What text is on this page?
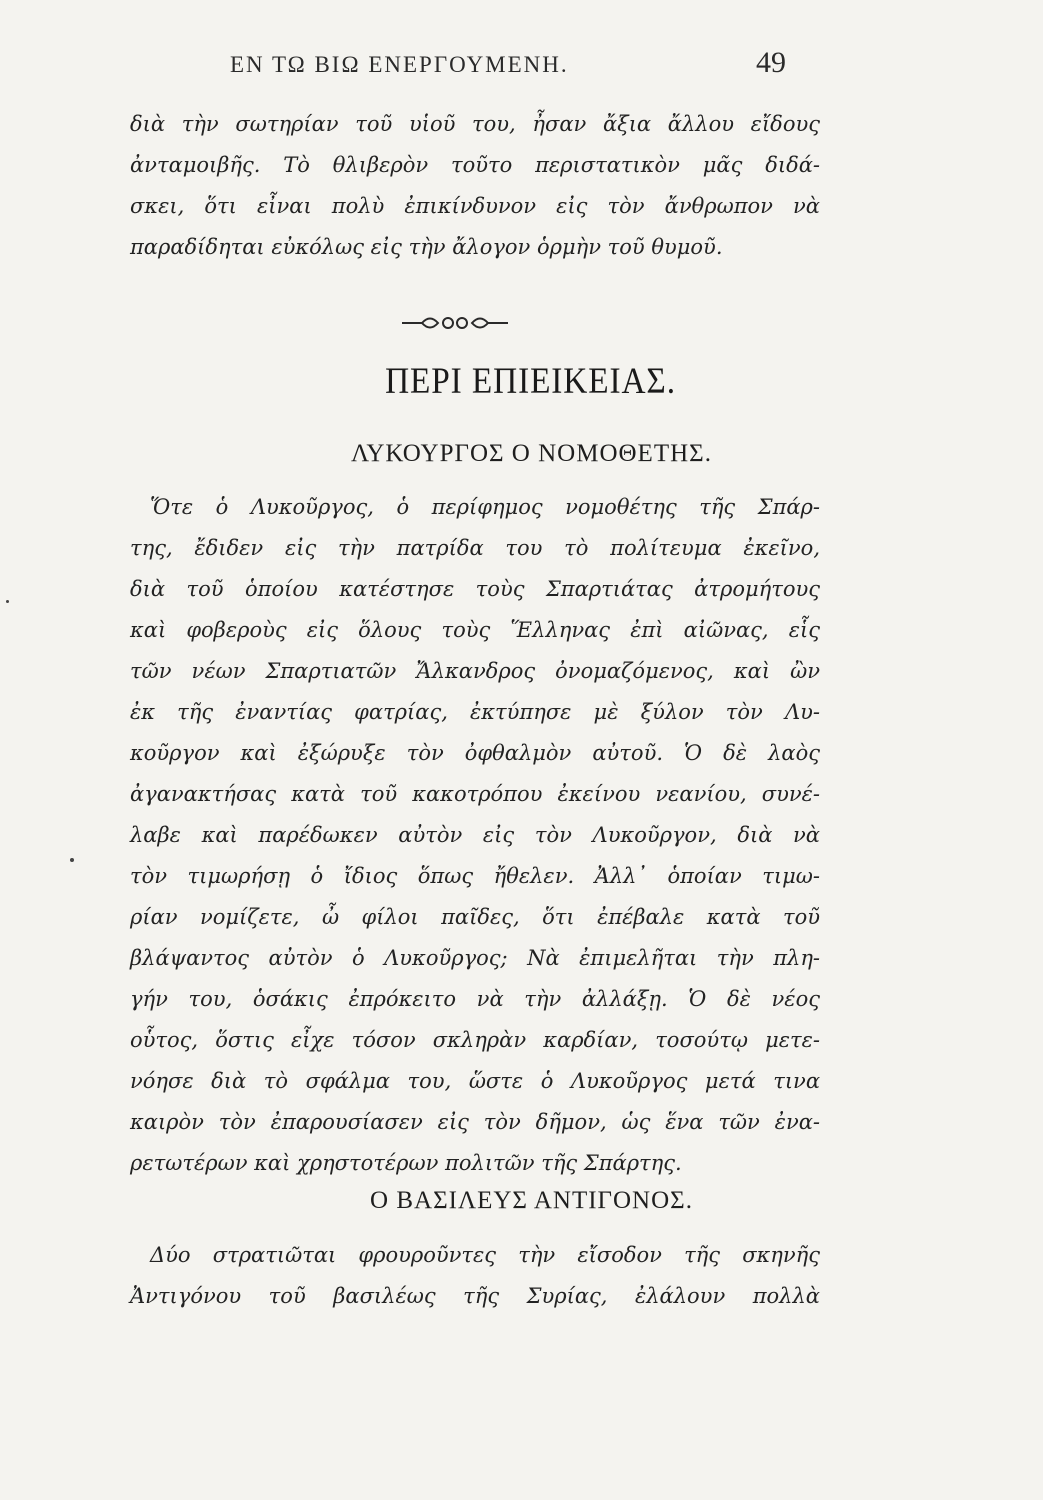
ΕΝ ΤΩ ΒΙΩ ΕΝΕΡΓΟΥΜΕΝΗ.	49
διὰ τὴν σωτηρίαν τοῦ υἱοῦ του, ἦσαν ἄξια ἄλλου εἴδους
ἀνταμοιβῆς. Τὸ θλιβερὸν τοῦτο περιστατικὸν μᾶς διδά-
σκει, ὅτι εἶναι πολὺ ἐπικίνδυνον εἰς τὸν ἄνθρωπον νὰ
παραδίδηται εὐκόλως εἰς τὴν ἄλογον ὁρμὴν τοῦ θυμοῦ.
ΠΕΡΙ ΕΠΙΕΙΚΕΙΑΣ.
ΛΥΚΟΥΡΓΟΣ Ο ΝΟΜΟΘΕΤΗΣ.
Ὅτε ὁ Λυκοῦργος, ὁ περίφημος νομοθέτης τῆς Σπάρ-
της, ἔδιδεν εἰς τὴν πατρίδα του τὸ πολίτευμα ἐκεῖνο,
διὰ τοῦ ὁποίου κατέστησε τοὺς Σπαρτιάτας ἀτρομήτους
καὶ φοβεροὺς εἰς ὅλους τοὺς Ἕλληνας ἐπὶ αἰῶνας, εἷς
τῶν νέων Σπαρτιατῶν Ἄλκανδρος ὀνομαζόμενος, καὶ ὢν
ἐκ τῆς ἐναντίας φατρίας, ἐκτύπησε μὲ ξύλον τὸν Λυ-
κοῦργον καὶ ἐξώρυξε τὸν ὀφθαλμὸν αὐτοῦ. Ὁ δὲ λαὸς
ἀγανακτήσας κατὰ τοῦ κακοτρόπου ἐκείνου νεανίου, συνέ-
λαβε καὶ παρέδωκεν αὐτὸν εἰς τὸν Λυκοῦργον, διὰ νὰ
τὸν τιμωρήσῃ ὁ ἴδιος ὅπως ἤθελεν. Ἀλλ᾽ ὁποίαν τιμω-
ρίαν νομίζετε, ὦ φίλοι παῖδες, ὅτι ἐπέβαλε κατὰ τοῦ
βλάψαντος αὐτὸν ὁ Λυκοῦργος; Νὰ ἐπιμελῆται τὴν πλη-
γήν του, ὁσάκις ἐπρόκειτο νὰ τὴν ἀλλάξῃ. Ὁ δὲ νέος
οὗτος, ὅστις εἶχε τόσον σκληρὰν καρδίαν, τοσούτῳ μετε-
νόησε διὰ τὸ σφάλμα του, ὥστε ὁ Λυκοῦργος μετά τινα
καιρὸν τὸν ἐπαρουσίασεν εἰς τὸν δῆμον, ὡς ἕνα τῶν ἐνα-
ρετωτέρων καὶ χρηστοτέρων πολιτῶν τῆς Σπάρτης.
Ο ΒΑΣΙΛΕΥΣ ΑΝΤΙΓΟΝΟΣ.
Δύο στρατιῶται φρουροῦντες τὴν εἴσοδον τῆς σκηνῆς
Ἀντιγόνου τοῦ βασιλέως τῆς Συρίας, ἐλάλουν πολλὰ
